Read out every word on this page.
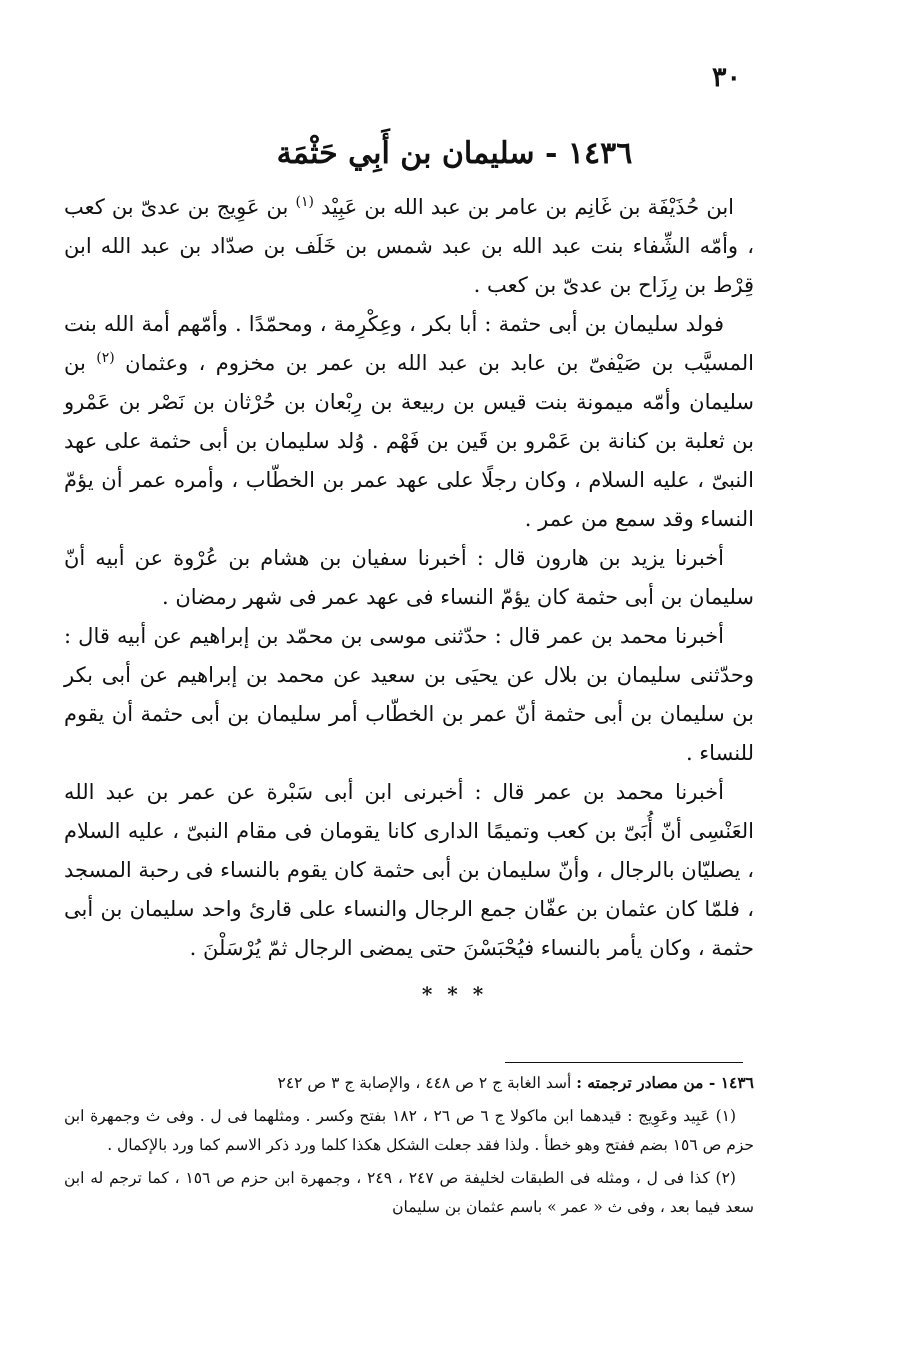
٣٠
١٤٣٦ - سليمان بن أَبِي حَثْمَة

ابن حُذَيْفَة بن غَانِم بن عامر بن عبد الله بن عَبِيْد $^{(١)}$ بن عَوِيج بن عدىّ بن كعب ، وأمّه الشِّفاء بنت عبد الله بن عبد شمس بن خَلَف بن صدّاد بن عبد الله ابن قِرْط بن رِزَاح بن عدىّ بن كعب .

فولد سليمان بن أبى حثمة : أبا بكر ، وعِكْرِمة ، ومحمّدًا . وأمّهم أمة الله بنت المسيَّب بن صَيْفىّ بن عابد بن عبد الله بن عمر بن مخزوم ، وعثمان $^{(٢)}$ بن سليمان وأمّه ميمونة بنت قيس بن ربيعة بن رِبْعان بن حُرْثان بن نَصْر بن عَمْرو بن ثعلبة بن كنانة بن عَمْرو بن قَين بن فَهْم . وُلد سليمان بن أبى حثمة على عهد النبىّ ، عليه السلام ، وكان رجلًا على عهد عمر بن الخطّاب ، وأمره عمر أن يؤمّ النساء وقد سمع من عمر .

أخبرنا يزيد بن هارون قال : أخبرنا سفيان بن هشام بن عُرْوة عن أبيه أنّ سليمان بن أبى حثمة كان يؤمّ النساء فى عهد عمر فى شهر رمضان .

أخبرنا محمد بن عمر قال : حدّثنى موسى بن محمّد بن إبراهيم عن أبيه قال : وحدّثنى سليمان بن بلال عن يحيَى بن سعيد عن محمد بن إبراهيم عن أبى بكر بن سليمان بن أبى حثمة أنّ عمر بن الخطّاب أمر سليمان بن أبى حثمة أن يقوم للنساء .

أخبرنا محمد بن عمر قال : أخبرنى ابن أبى سَبْرة عن عمر بن عبد الله العَنْسِى أنّ أُبَىّ بن كعب وتميمًا الدارى كانا يقومان فى مقام النبىّ ، عليه السلام ، يصليّان بالرجال ، وأنّ سليمان بن أبى حثمة كان يقوم بالنساء فى رحبة المسجد ، فلمّا كان عثمان بن عفّان جمع الرجال والنساء على قارئ واحد سليمان بن أبى حثمة ، وكان يأمر بالنساء فيُحْبَسْنَ حتى يمضى الرجال ثمّ يُرْسَلْنَ .

* * *

١٤٣٦ - من مصادر ترجمته : أسد الغابة ج ٢ ص ٤٤٨ ، والإصابة ج ٣ ص ٢٤٢

(١) عَبِيد وعَوِيج : قيدهما ابن ماكولا ج ٦ ص ٢٦ ، ١٨٢ بفتح وكسر . ومثلهما فى ل . وفى ث وجمهرة ابن حزم ص ١٥٦ بضم ففتح وهو خطأ . ولذا فقد جعلت الشكل هكذا كلما ورد ذكر الاسم كما ورد بالإكمال .

(٢) كذا فى ل ، ومثله فى الطبقات لخليفة ص ٢٤٧ ، ٢٤٩ ، وجمهرة ابن حزم ص ١٥٦ ، كما ترجم له ابن سعد فيما بعد ، وفى ث « عمر » باسم عثمان بن سليمان
